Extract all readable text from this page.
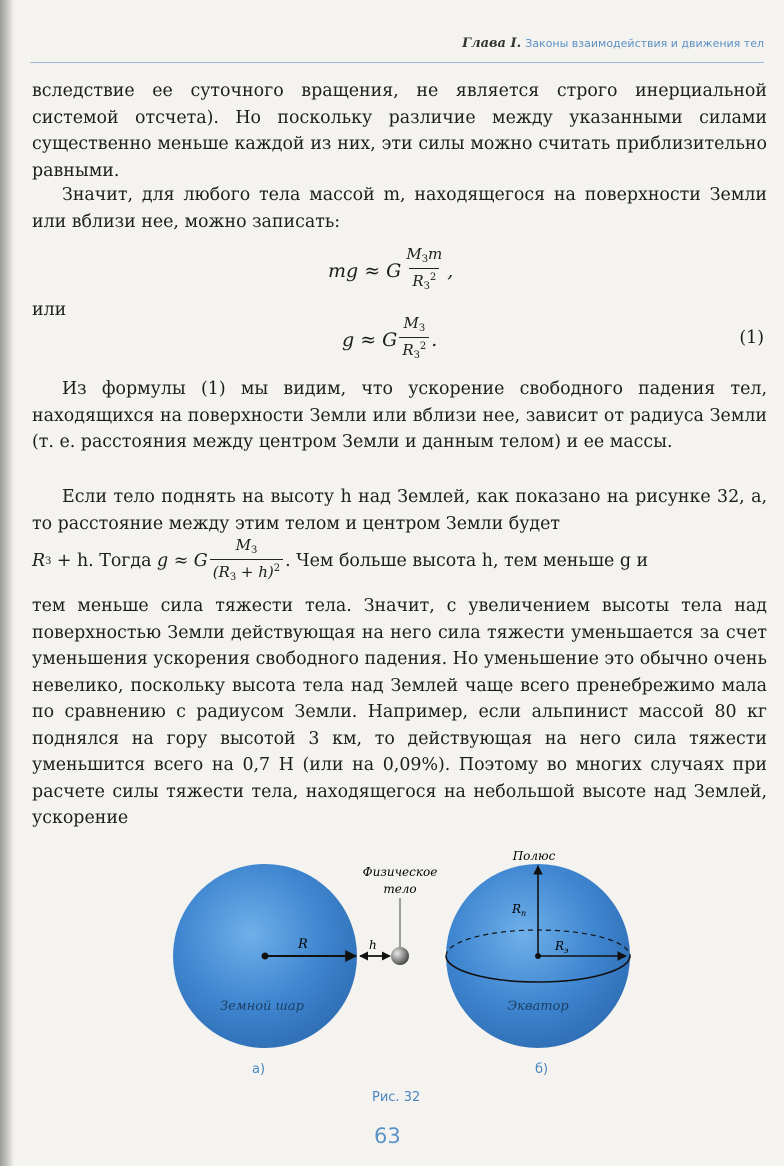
Глава I. Законы взаимодействия и движения тел
вследствие ее суточного вращения, не является строго инерциальной системой отсчета). Но поскольку различие между указанными силами существенно меньше каждой из них, эти силы можно считать приблизительно равными.
Значит, для любого тела массой m, находящегося на поверхности Земли или вблизи нее, можно записать:
mg ≈ G $\frac{M_Зm}{R_З^2}$ ,
или
g ≈ G $\frac{M_З}{R_З^2}$ .	(1)
Из формулы (1) мы видим, что ускорение свободного падения тел, находящихся на поверхности Земли или вблизи нее, зависит от радиуса Земли (т. е. расстояния между центром Земли и данным телом) и ее массы.
Если тело поднять на высоту h над Землей, как показано на рисунке 32, а, то расстояние между этим телом и центром Земли будет
R З
+ h. Тогда
g ≈ G $\frac{M_З}{(R_З + h)^2}$ . Чем больше высота h, тем меньше g и
тем меньше сила тяжести тела. Значит, с увеличением высоты тела над поверхностью Земли действующая на него сила тяжести уменьшается за счет уменьшения ускорения свободного падения. Но уменьшение это обычно очень невелико, поскольку высота тела над Землей чаще всего пренебрежимо мала по сравнению с радиусом Земли. Например, если альпинист массой 80 кг поднялся на гору высотой 3 км, то действующая на него сила тяжести уменьшится всего на 0,7 Н (или на 0,09%). Поэтому во многих случаях при расчете силы тяжести тела, находящегося на небольшой высоте над Землей, ускорение
R	h
Физическое
тело
Земной шар
Полюс
$R_п$
$R_э$
Экватор
а)	б)
Рис. 32
63
